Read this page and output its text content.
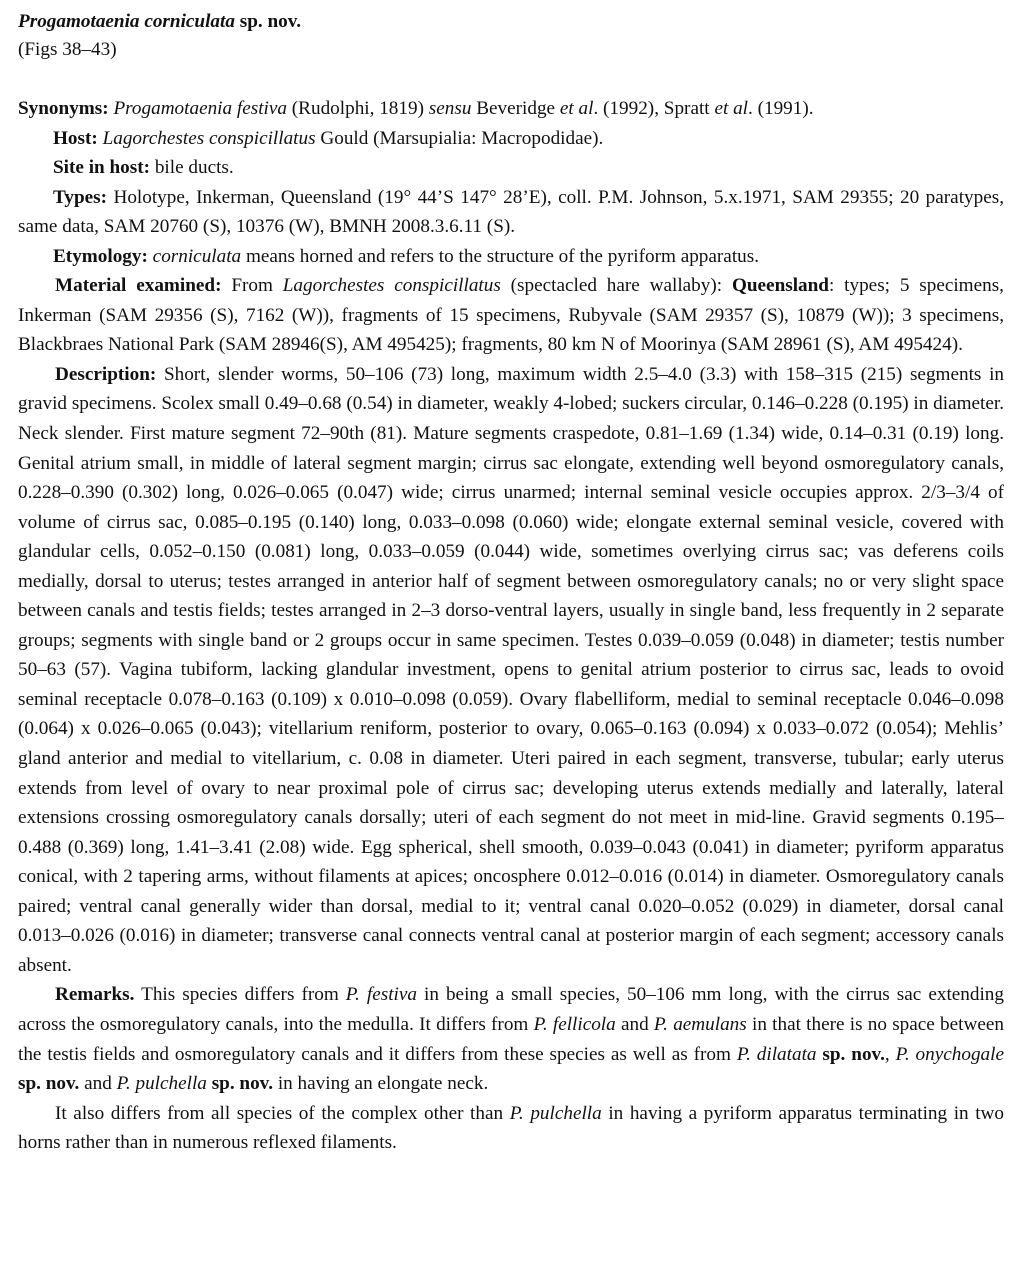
Progamotaenia corniculata sp. nov.

(Figs 38–43)

Synonyms: Progamotaenia festiva (Rudolphi, 1819) sensu Beveridge et al. (1992), Spratt et al. (1991).

Host: Lagorchestes conspicillatus Gould (Marsupialia: Macropodidae).

Site in host: bile ducts.

Types: Holotype, Inkerman, Queensland (19° 44’S 147° 28’E), coll. P.M. Johnson, 5.x.1971, SAM 29355; 20 paratypes, same data, SAM 20760 (S), 10376 (W), BMNH 2008.3.6.11 (S).

Etymology: corniculata means horned and refers to the structure of the pyriform apparatus.

Material examined: From Lagorchestes conspicillatus (spectacled hare wallaby): Queensland: types; 5 specimens, Inkerman (SAM 29356 (S), 7162 (W)), fragments of 15 specimens, Rubyvale (SAM 29357 (S), 10879 (W)); 3 specimens, Blackbraes National Park (SAM 28946(S), AM 495425); fragments, 80 km N of Moorinya (SAM 28961 (S), AM 495424).

Description: Short, slender worms, 50–106 (73) long, maximum width 2.5–4.0 (3.3) with 158–315 (215) segments in gravid specimens. Scolex small 0.49–0.68 (0.54) in diameter, weakly 4-lobed; suckers circular, 0.146–0.228 (0.195) in diameter. Neck slender. First mature segment 72–90th (81). Mature segments craspedote, 0.81–1.69 (1.34) wide, 0.14–0.31 (0.19) long. Genital atrium small, in middle of lateral segment margin; cirrus sac elongate, extending well beyond osmoregulatory canals, 0.228–0.390 (0.302) long, 0.026–0.065 (0.047) wide; cirrus unarmed; internal seminal vesicle occupies approx. 2/3–3/4 of volume of cirrus sac, 0.085–0.195 (0.140) long, 0.033–0.098 (0.060) wide; elongate external seminal vesicle, covered with glandular cells, 0.052–0.150 (0.081) long, 0.033–0.059 (0.044) wide, sometimes overlying cirrus sac; vas deferens coils medially, dorsal to uterus; testes arranged in anterior half of segment between osmoregulatory canals; no or very slight space between canals and testis fields; testes arranged in 2–3 dorso-ventral layers, usually in single band, less frequently in 2 separate groups; segments with single band or 2 groups occur in same specimen. Testes 0.039–0.059 (0.048) in diameter; testis number 50–63 (57). Vagina tubiform, lacking glandular investment, opens to genital atrium posterior to cirrus sac, leads to ovoid seminal receptacle 0.078–0.163 (0.109) x 0.010–0.098 (0.059). Ovary flabelliform, medial to seminal receptacle 0.046–0.098 (0.064) x 0.026–0.065 (0.043); vitellarium reniform, posterior to ovary, 0.065–0.163 (0.094) x 0.033–0.072 (0.054); Mehlis’ gland anterior and medial to vitellarium, c. 0.08 in diameter. Uteri paired in each segment, transverse, tubular; early uterus extends from level of ovary to near proximal pole of cirrus sac; developing uterus extends medially and laterally, lateral extensions crossing osmoregulatory canals dorsally; uteri of each segment do not meet in mid-line. Gravid segments 0.195–0.488 (0.369) long, 1.41–3.41 (2.08) wide. Egg spherical, shell smooth, 0.039–0.043 (0.041) in diameter; pyriform apparatus conical, with 2 tapering arms, without filaments at apices; oncosphere 0.012–0.016 (0.014) in diameter. Osmoregulatory canals paired; ventral canal generally wider than dorsal, medial to it; ventral canal 0.020–0.052 (0.029) in diameter, dorsal canal 0.013–0.026 (0.016) in diameter; transverse canal connects ventral canal at posterior margin of each segment; accessory canals absent.

Remarks. This species differs from P. festiva in being a small species, 50–106 mm long, with the cirrus sac extending across the osmoregulatory canals, into the medulla. It differs from P. fellicola and P. aemulans in that there is no space between the testis fields and osmoregulatory canals and it differs from these species as well as from P. dilatata sp. nov., P. onychogale sp. nov. and P. pulchella sp. nov. in having an elongate neck.

It also differs from all species of the complex other than P. pulchella in having a pyriform apparatus terminating in two horns rather than in numerous reflexed filaments.
